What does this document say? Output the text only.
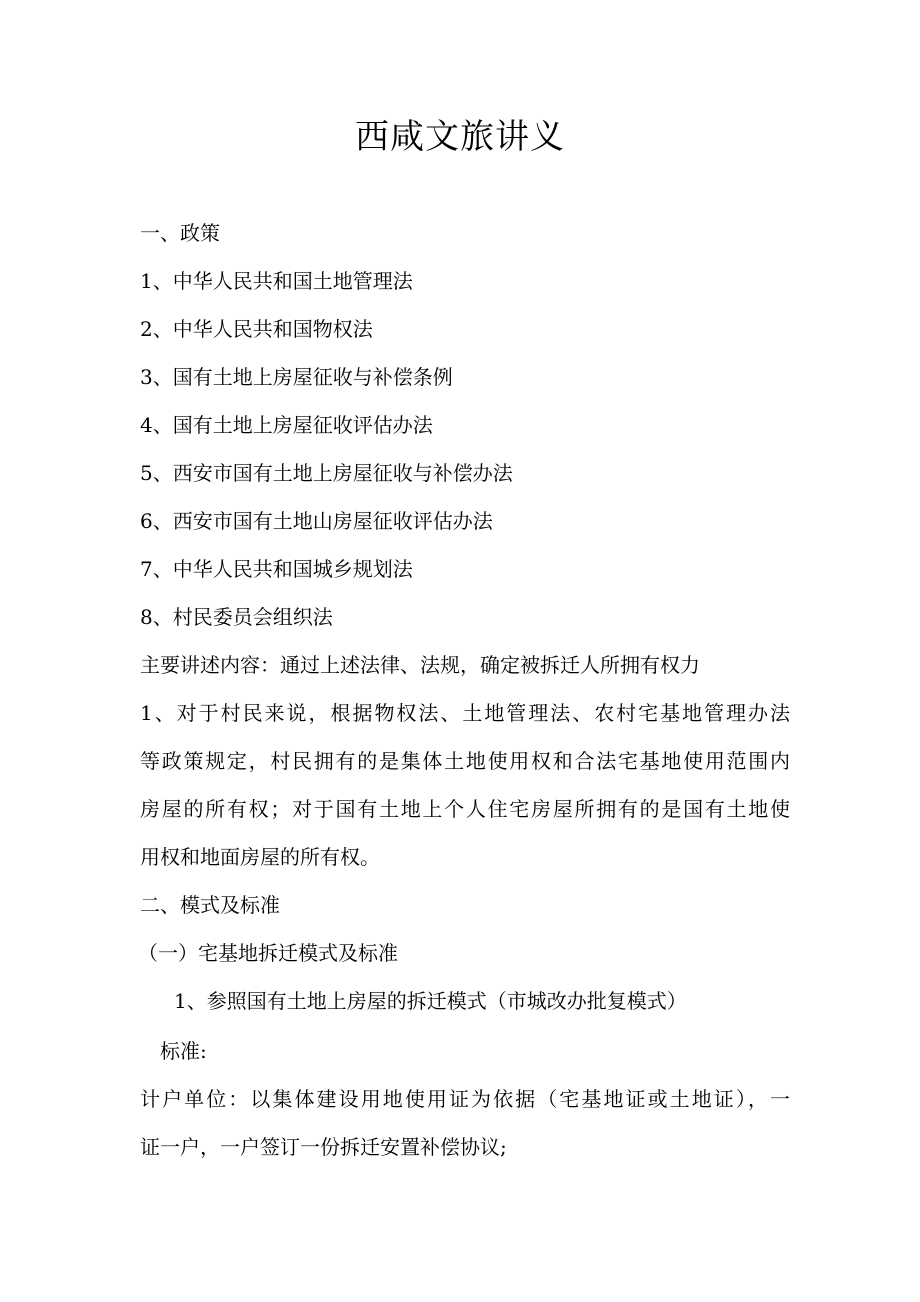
西咸文旅讲义
一、政策
1、中华人民共和国土地管理法
2、中华人民共和国物权法
3、国有土地上房屋征收与补偿条例
4、国有土地上房屋征收评估办法
5、西安市国有土地上房屋征收与补偿办法
6、西安市国有土地山房屋征收评估办法
7、中华人民共和国城乡规划法
8、村民委员会组织法
主要讲述内容：通过上述法律、法规，确定被拆迁人所拥有权力
1、对于村民来说，根据物权法、土地管理法、农村宅基地管理办法
等政策规定，村民拥有的是集体土地使用权和合法宅基地使用范围内
房屋的所有权；对于国有土地上个人住宅房屋所拥有的是国有土地使
用权和地面房屋的所有权。
二、模式及标准
（一）宅基地拆迁模式及标准
1、参照国有土地上房屋的拆迁模式（市城改办批复模式）
标准:
计户单位：以集体建设用地使用证为依据（宅基地证或土地证），一
证一户，一户签订一份拆迁安置补偿协议;
